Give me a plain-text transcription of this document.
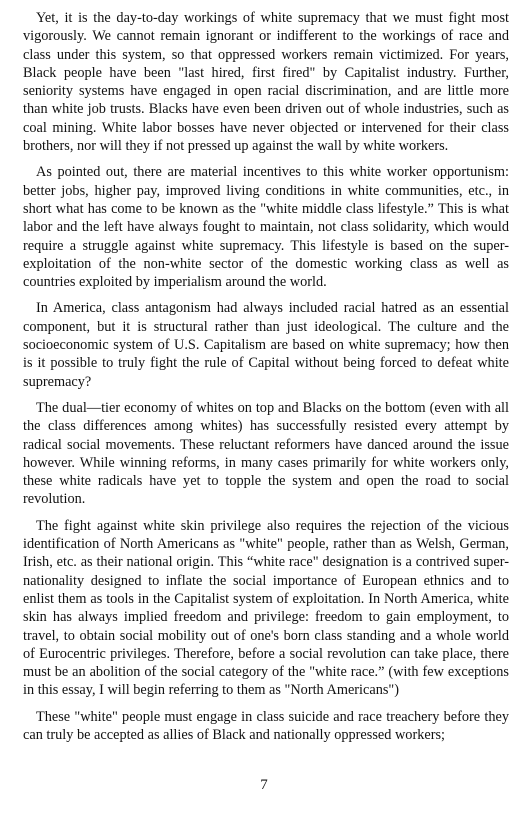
Yet, it is the day-to-day workings of white supremacy that we must fight most vigorously. We cannot remain ignorant or indifferent to the workings of race and class under this system, so that oppressed workers remain victimized. For years, Black people have been "last hired, first fired" by Capitalist industry. Further, seniority systems have engaged in open racial discrimination, and are little more than white job trusts. Blacks have even been driven out of whole industries, such as coal mining. White labor bosses have never objected or intervened for their class brothers, nor will they if not pressed up against the wall by white workers.

As pointed out, there are material incentives to this white worker opportunism: better jobs, higher pay, improved living conditions in white communities, etc., in short what has come to be known as the "white middle class lifestyle.” This is what labor and the left have always fought to maintain, not class solidarity, which would require a struggle against white supremacy. This lifestyle is based on the super-exploitation of the non-white sector of the domestic working class as well as countries exploited by imperialism around the world.

In America, class antagonism had always included racial hatred as an essential component, but it is structural rather than just ideological. The culture and the socioeconomic system of U.S. Capitalism are based on white supremacy; how then is it possible to truly fight the rule of Capital without being forced to defeat white supremacy?

The dual—tier economy of whites on top and Blacks on the bottom (even with all the class differences among whites) has successfully resisted every attempt by radical social movements. These reluctant reformers have danced around the issue however. While winning reforms, in many cases primarily for white workers only, these white radicals have yet to topple the system and open the road to social revolution.

The fight against white skin privilege also requires the rejection of the vicious identification of North Americans as "white" people, rather than as Welsh, German, Irish, etc. as their national origin. This “white race" designation is a contrived super-nationality designed to inflate the social importance of European ethnics and to enlist them as tools in the Capitalist system of exploitation. In North America, white skin has always implied freedom and privilege: freedom to gain employment, to travel, to obtain social mobility out of one's born class standing and a whole world of Eurocentric privileges. Therefore, before a social revolution can take place, there must be an abolition of the social category of the "white race.” (with few exceptions in this essay, I will begin referring to them as "North Americans")

These "white" people must engage in class suicide and race treachery before they can truly be accepted as allies of Black and nationally oppressed workers;

7
